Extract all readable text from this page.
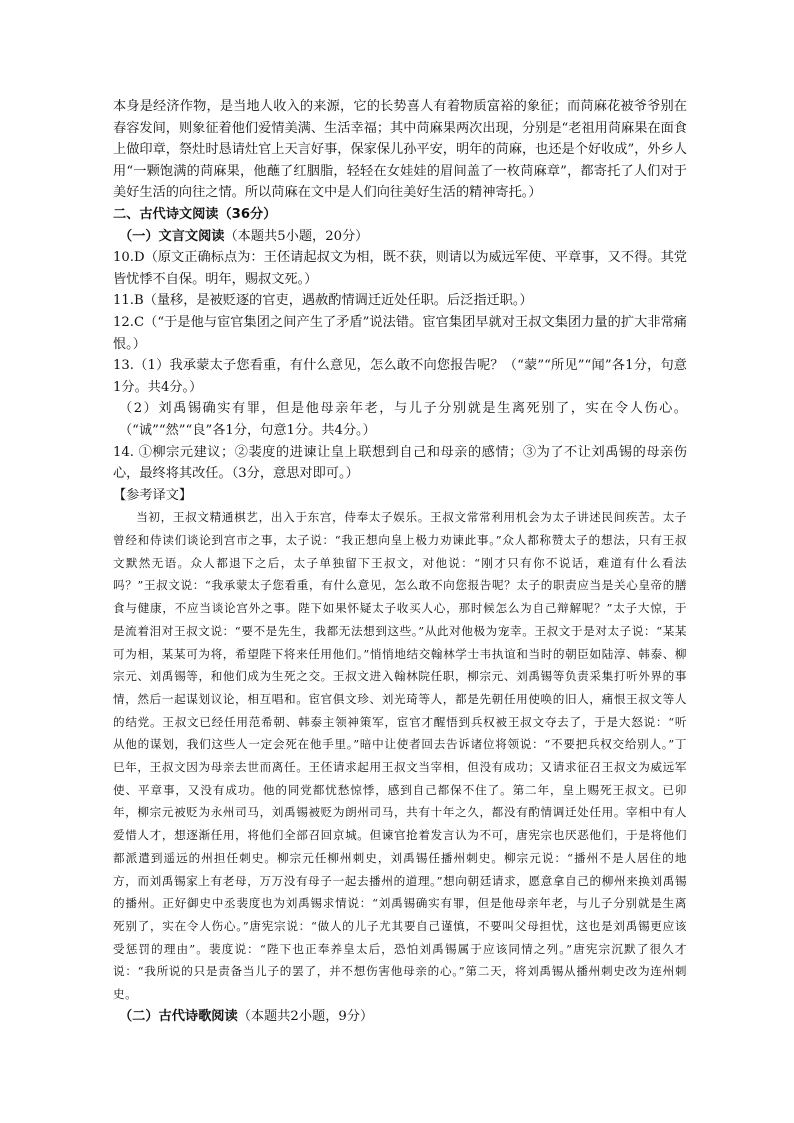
本身是经济作物，是当地人收入的来源，它的长势喜人有着物质富裕的象征；而苘麻花被爷爷别在春容发间，则象征着他们爱情美满、生活幸福；其中苘麻果两次出现，分别是“老祖用苘麻果在面食上做印章，祭灶时恳请灶官上天言好事，保家保儿孙平安，明年的苘麻，也还是个好收成”，外乡人用“一颗饱满的苘麻果，他蘸了红胭脂，轻轻在女娃娃的眉间盖了一枚苘麻章”，都寄托了人们对于美好生活的向往之情。所以苘麻在文中是人们向往美好生活的精神寄托。）

二、古代诗文阅读（36分）

（一）文言文阅读（本题共5小题，20分）

10.D（原文正确标点为：王伾请起叔文为相，既不获，则请以为威远军使、平章事，又不得。其党皆忧悸不自保。明年，赐叔文死。）

11.B（量移，是被贬逐的官吏，遇赦酌情调迁近处任职。后泛指迁职。）

12.C（“于是他与宦官集团之间产生了矛盾”说法错。宦官集团早就对王叔文集团力量的扩大非常痛恨。）

13.（1）我承蒙太子您看重，有什么意见，怎么敢不向您报告呢？（“蒙”“所见”“闻”各1分，句意1分。共4分。）

（2）刘禹锡确实有罪，但是他母亲年老，与儿子分别就是生离死别了，实在令人伤心。（“诚”“然”“良”各1分，句意1分。共4分。）

14. ①柳宗元建议；②裴度的进谏让皇上联想到自己和母亲的感情；③为了不让刘禹锡的母亲伤心，最终将其改任。（3分，意思对即可。）

【参考译文】

当初，王叔文精通棋艺，出入于东宫，侍奉太子娱乐。王叔文常常利用机会为太子讲述民间疾苦。太子曾经和侍读们谈论到宫市之事，太子说：“我正想向皇上极力劝谏此事。”众人都称赞太子的想法，只有王叔文默然无语。众人都退下之后，太子单独留下王叔文，对他说：“刚才只有你不说话，难道有什么看法吗？”王叔文说：“我承蒙太子您看重，有什么意见，怎么敢不向您报告呢？太子的职责应当是关心皇帝的膳食与健康，不应当谈论宫外之事。陛下如果怀疑太子收买人心，那时候怎么为自己辩解呢？”太子大惊，于是流着泪对王叔文说：“要不是先生，我都无法想到这些。”从此对他极为宠幸。王叔文于是对太子说：“某某可为相，某某可为将，希望陛下将来任用他们。”悄悄地结交翰林学士韦执谊和当时的朝臣如陆淳、韩泰、柳宗元、刘禹锡等，和他们成为生死之交。王叔文进入翰林院任职，柳宗元、刘禹锡等负责采集打听外界的事情，然后一起谋划议论，相互唱和。宦官俱文珍、刘光琦等人，都是先朝任用使唤的旧人，痛恨王叔文等人的结党。王叔文已经任用范希朝、韩泰主领神策军，宦官才醒悟到兵权被王叔文夺去了，于是大怒说：“听从他的谋划，我们这些人一定会死在他手里。”暗中让使者回去告诉诸位将领说：“不要把兵权交给别人。”丁巳年，王叔文因为母亲去世而离任。王伾请求起用王叔文当宰相，但没有成功；又请求征召王叔文为威远军使、平章事，又没有成功。他的同党都忧愁惊悸，感到自己都保不住了。第二年，皇上赐死王叔文。已卯年，柳宗元被贬为永州司马，刘禹锡被贬为朗州司马，共有十年之久，都没有酌情调迁处任用。宰相中有人爱惜人才，想逐渐任用，将他们全部召回京城。但谏官抢着发言认为不可，唐宪宗也厌恶他们，于是将他们都派遣到遥远的州担任刺史。柳宗元任柳州刺史，刘禹锡任播州刺史。柳宗元说：“播州不是人居住的地方，而刘禹锡家上有老母，万万没有母子一起去播州的道理。”想向朝廷请求，愿意拿自己的柳州来换刘禹锡的播州。正好御史中丞裴度也为刘禹锡求情说：“刘禹锡确实有罪，但是他母亲年老，与儿子分别就是生离死别了，实在令人伤心。”唐宪宗说：“做人的儿子尤其要自己谨慎，不要叫父母担忧，这也是刘禹锡更应该受惩罚的理由”。裴度说：“陛下也正奉养皇太后，恐怕刘禹锡属于应该同情之列。”唐宪宗沉默了很久才说：“我所说的只是责备当儿子的罢了，并不想伤害他母亲的心。”第二天，将刘禹锡从播州刺史改为连州刺史。

（二）古代诗歌阅读（本题共2小题，9分）
